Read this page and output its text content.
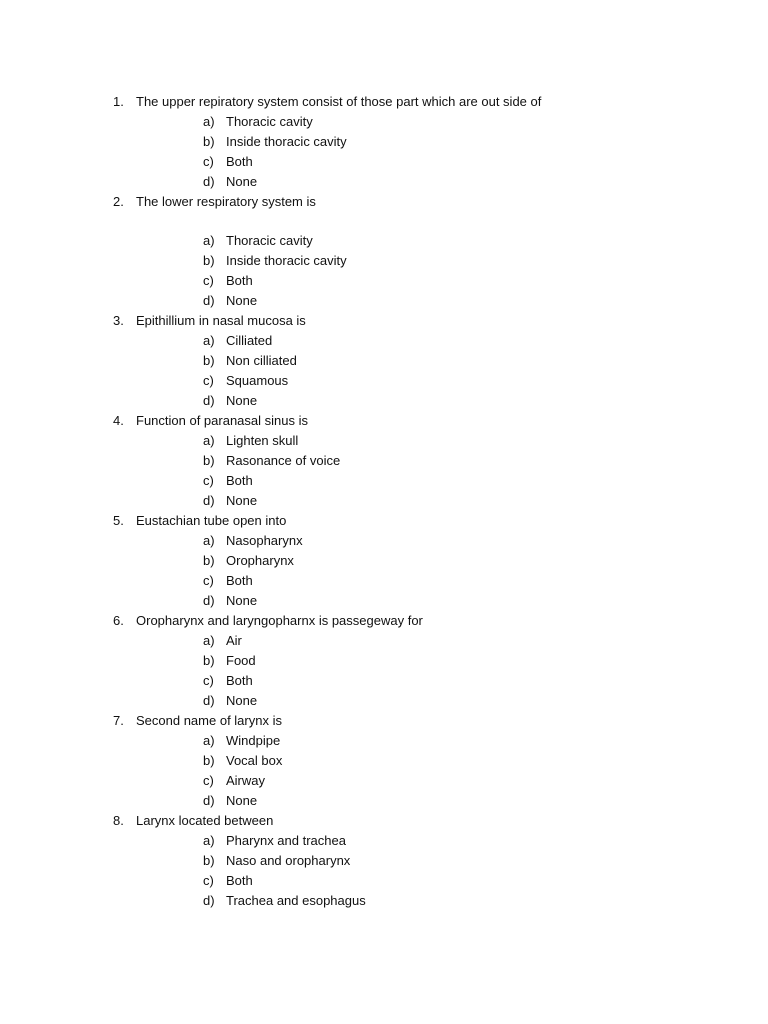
1. The upper repiratory system consist of those part which are out side of
a) Thoracic cavity
b) Inside thoracic cavity
c) Both
d) None
2. The lower respiratory system is
a) Thoracic cavity
b) Inside thoracic cavity
c) Both
d) None
3. Epithillium in nasal mucosa is
a) Cilliated
b) Non cilliated
c) Squamous
d) None
4. Function of paranasal sinus is
a) Lighten skull
b) Rasonance of voice
c) Both
d) None
5. Eustachian tube open into
a) Nasopharynx
b) Oropharynx
c) Both
d) None
6. Oropharynx and laryngopharnx is passegeway for
a) Air
b) Food
c) Both
d) None
7. Second name of larynx is
a) Windpipe
b) Vocal box
c) Airway
d) None
8. Larynx located between
a) Pharynx and trachea
b) Naso and oropharynx
c) Both
d) Trachea and esophagus
